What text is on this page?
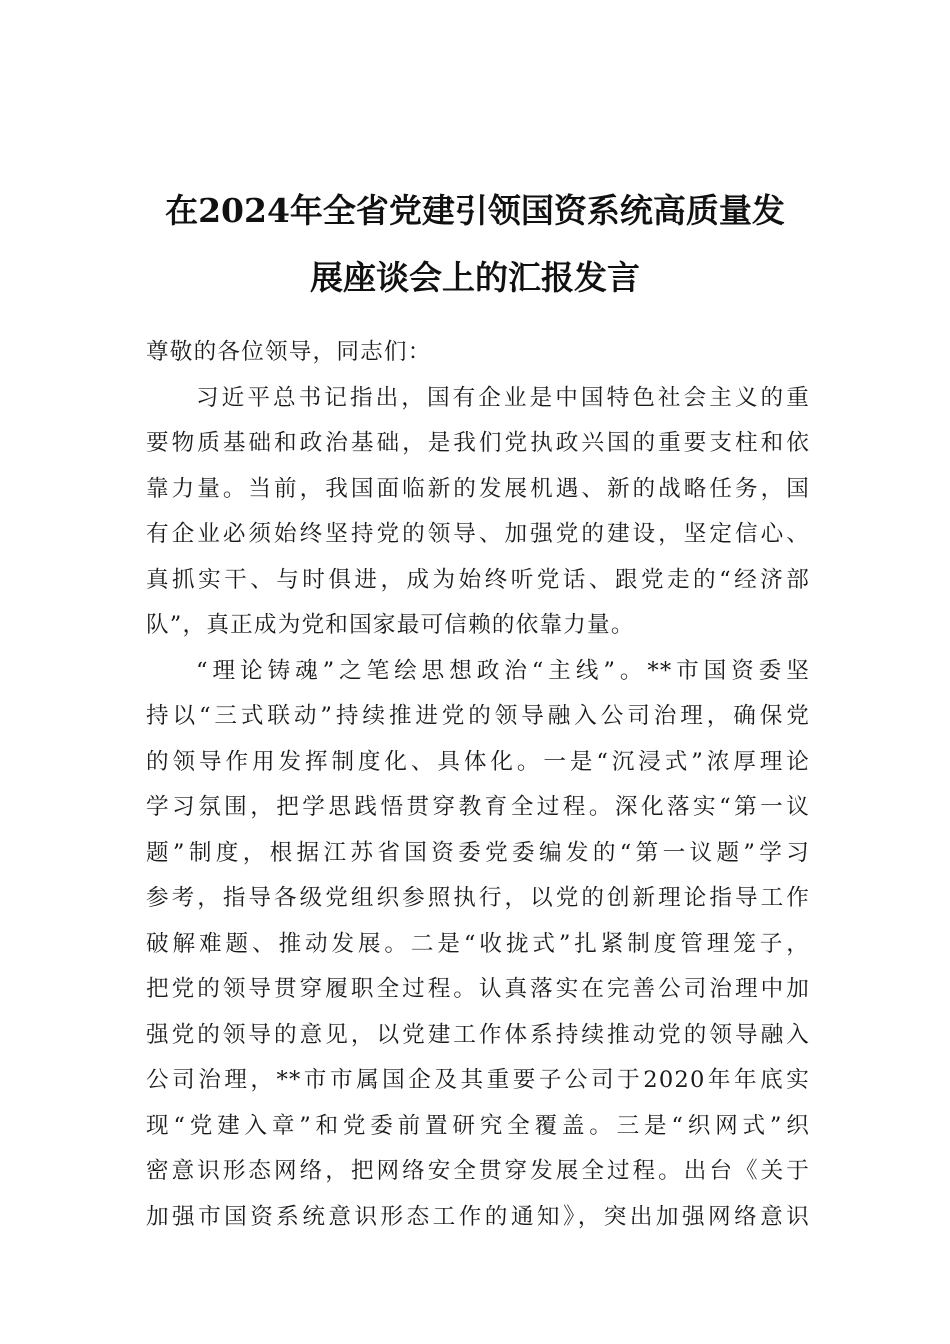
在2024年全省党建引领国资系统高质量发
展座谈会上的汇报发言
尊敬的各位领导，同志们：
习近平总书记指出，国有企业是中国特色社会主义的重
要物质基础和政治基础，是我们党执政兴国的重要支柱和依
靠力量。当前，我国面临新的发展机遇、新的战略任务，国
有企业必须始终坚持党的领导、加强党的建设，坚定信心、
真抓实干、与时俱进，成为始终听党话、跟党走的“经济部
队”，真正成为党和国家最可信赖的依靠力量。
“理论铸魂”之笔绘思想政治“主线”。**市国资委坚
持以“三式联动”持续推进党的领导融入公司治理，确保党
的领导作用发挥制度化、具体化。一是“沉浸式”浓厚理论
学习氛围，把学思践悟贯穿教育全过程。深化落实“第一议
题”制度，根据江苏省国资委党委编发的“第一议题”学习
参考，指导各级党组织参照执行，以党的创新理论指导工作
破解难题、推动发展。二是“收拢式”扎紧制度管理笼子，
把党的领导贯穿履职全过程。认真落实在完善公司治理中加
强党的领导的意见，以党建工作体系持续推动党的领导融入
公司治理，**市市属国企及其重要子公司于2020年年底实
现“党建入章”和党委前置研究全覆盖。三是“织网式”织
密意识形态网络，把网络安全贯穿发展全过程。出台《关于
加强市国资系统意识形态工作的通知》，突出加强网络意识
